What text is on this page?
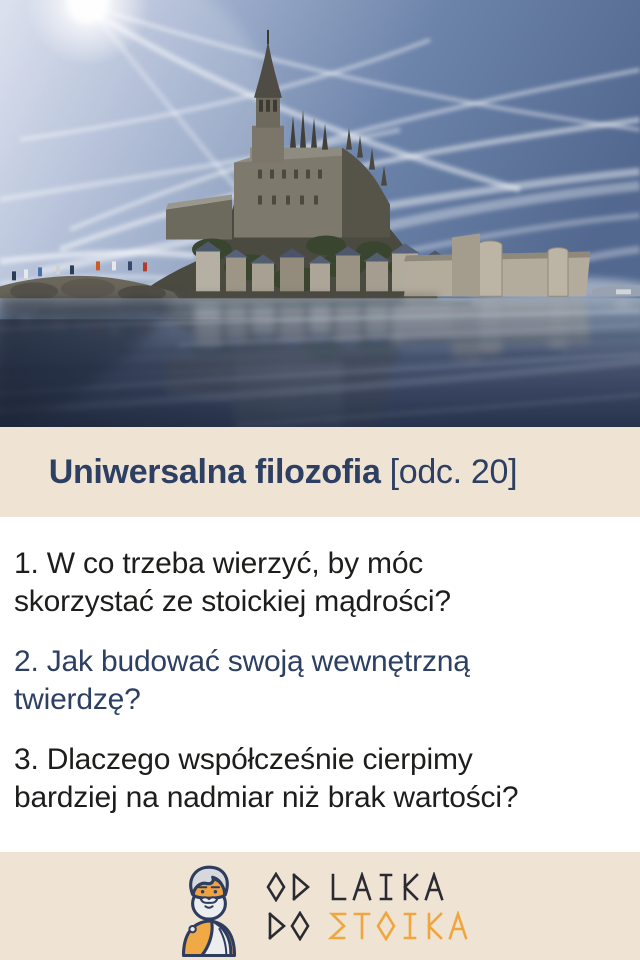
Uniwersalna filozofia [odc. 20]

1. W co trzeba wierzyć, by móc
skorzystać ze stoickiej mądrości?

2. Jak budować swoją wewnętrzną
twierdzę?

3. Dlaczego współcześnie cierpimy
bardziej na nadmiar niż brak wartości?
